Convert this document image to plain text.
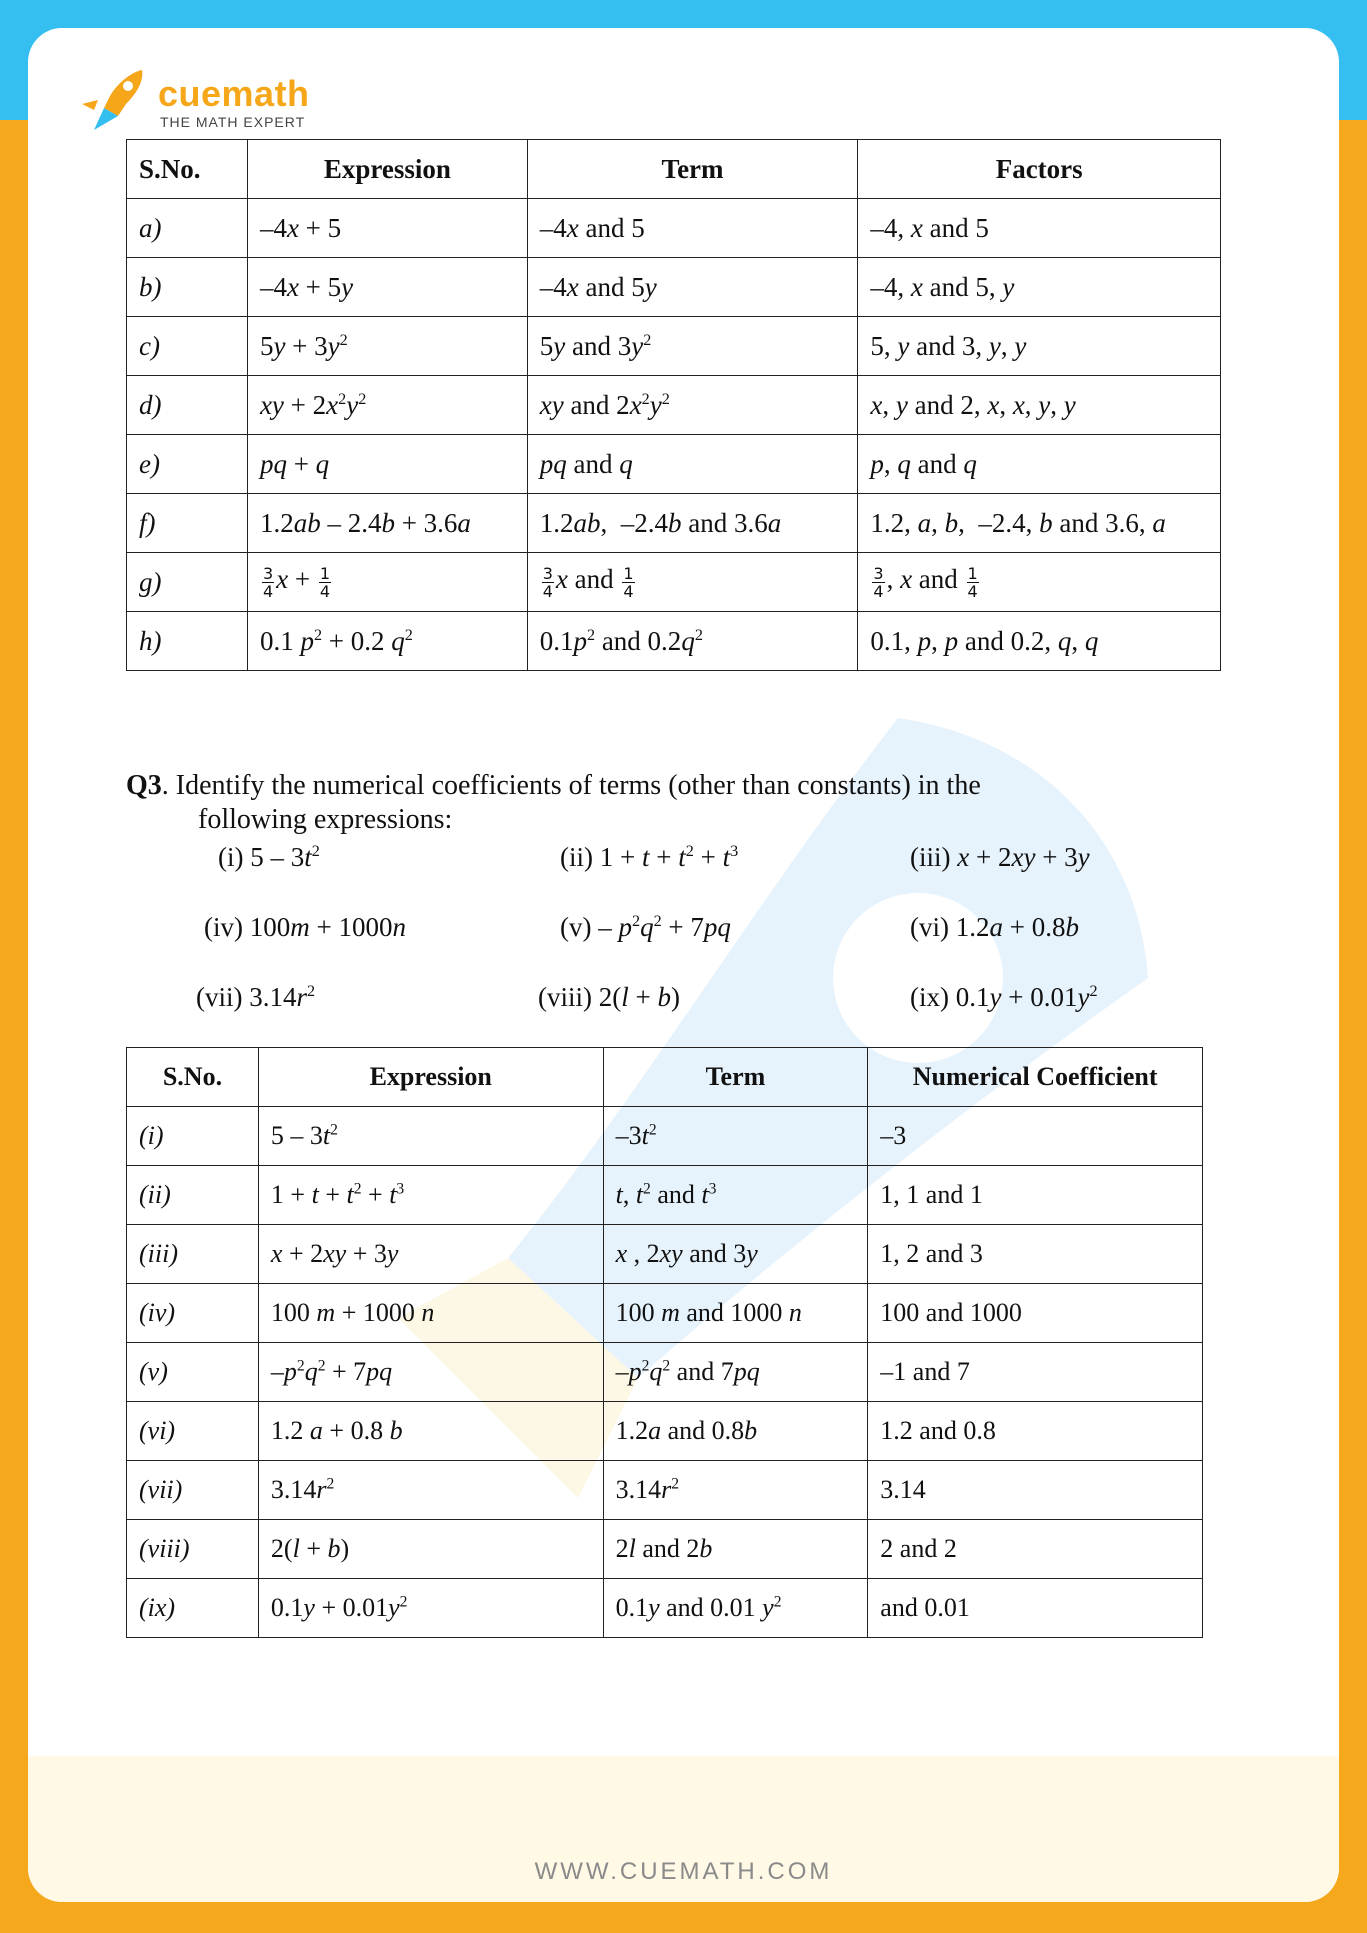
cuemath
THE MATH EXPERT
S.No.	Expression	Term	Factors
a)	–4x + 5	–4x and 5	–4, x and 5
b)	–4x + 5y	–4x and 5y	–4, x and 5, y
c)	$5y + 3y^2$	5y and $3y^2$	5, y and 3, y, y
d)	xy + $2x^2y^2$	xy and $2x^2y^2$	x, y and 2, x, x, y, y
e)	pq + q	pq and q	p, q and q
f)	1.2ab – 2.4b + 3.6a	1.2ab,  –2.4b and 3.6a	1.2, a, b,  –2.4, b and 3.6, a
g)	$\frac{3}{4}$ $x + \frac{1}{4}$	$\frac{3}{4}$ x and $\frac{1}{4}$	$\frac{3}{4}$ , x and $\frac{1}{4}$

h)	0.1 $p^2 + 0.2$ $q^2$	$0.1p^2$ and $0.2q^2$	0.1, p, p and 0.2, q, q
Q3. Identify the numerical coefficients of terms (other than constants) in the
following expressions:
(i) $5 - 3t^2$	(ii) $1 + t + t^2 + t^3$	(iii) x + 2xy + 3y
(iv) 100m + 1000n	$(v) - p^2q^2 + 7pq$	(vi) 1.2a + 0.8b
(vii) $3.14r^2$	(viii) 2(l + b)	(ix) $0.1y + 0.01y^2$
S.No.	Expression	Term	Numerical Coefficient
(i)	$5 - 3t^2$	$-3t^2$	–3
(ii)	$1 + t + t^2 + t^3$	t, $t^2$ and $t^3$	1, 1 and 1
(iii)	x + 2xy + 3y	x , 2xy and 3y	1, 2 and 3
(iv)	100 m + 1000 n	100 m and 1000 n	100 and 1000
(v)	$-p^2q^2 + 7pq$	$-p^2q^2$ and 7pq	–1 and 7
(vi)	1.2 a + 0.8 b	1.2a and 0.8b	1.2 and 0.8
(vii)	$3.14r^2$	$3.14r^2$	3.14
(viii)	2(l + b)	2l and 2b	2 and 2
(ix)	$0.1y + 0.01y^2$	0.1y and 0.01 $y^2$	and 0.01
WWW.CUEMATH.COM
